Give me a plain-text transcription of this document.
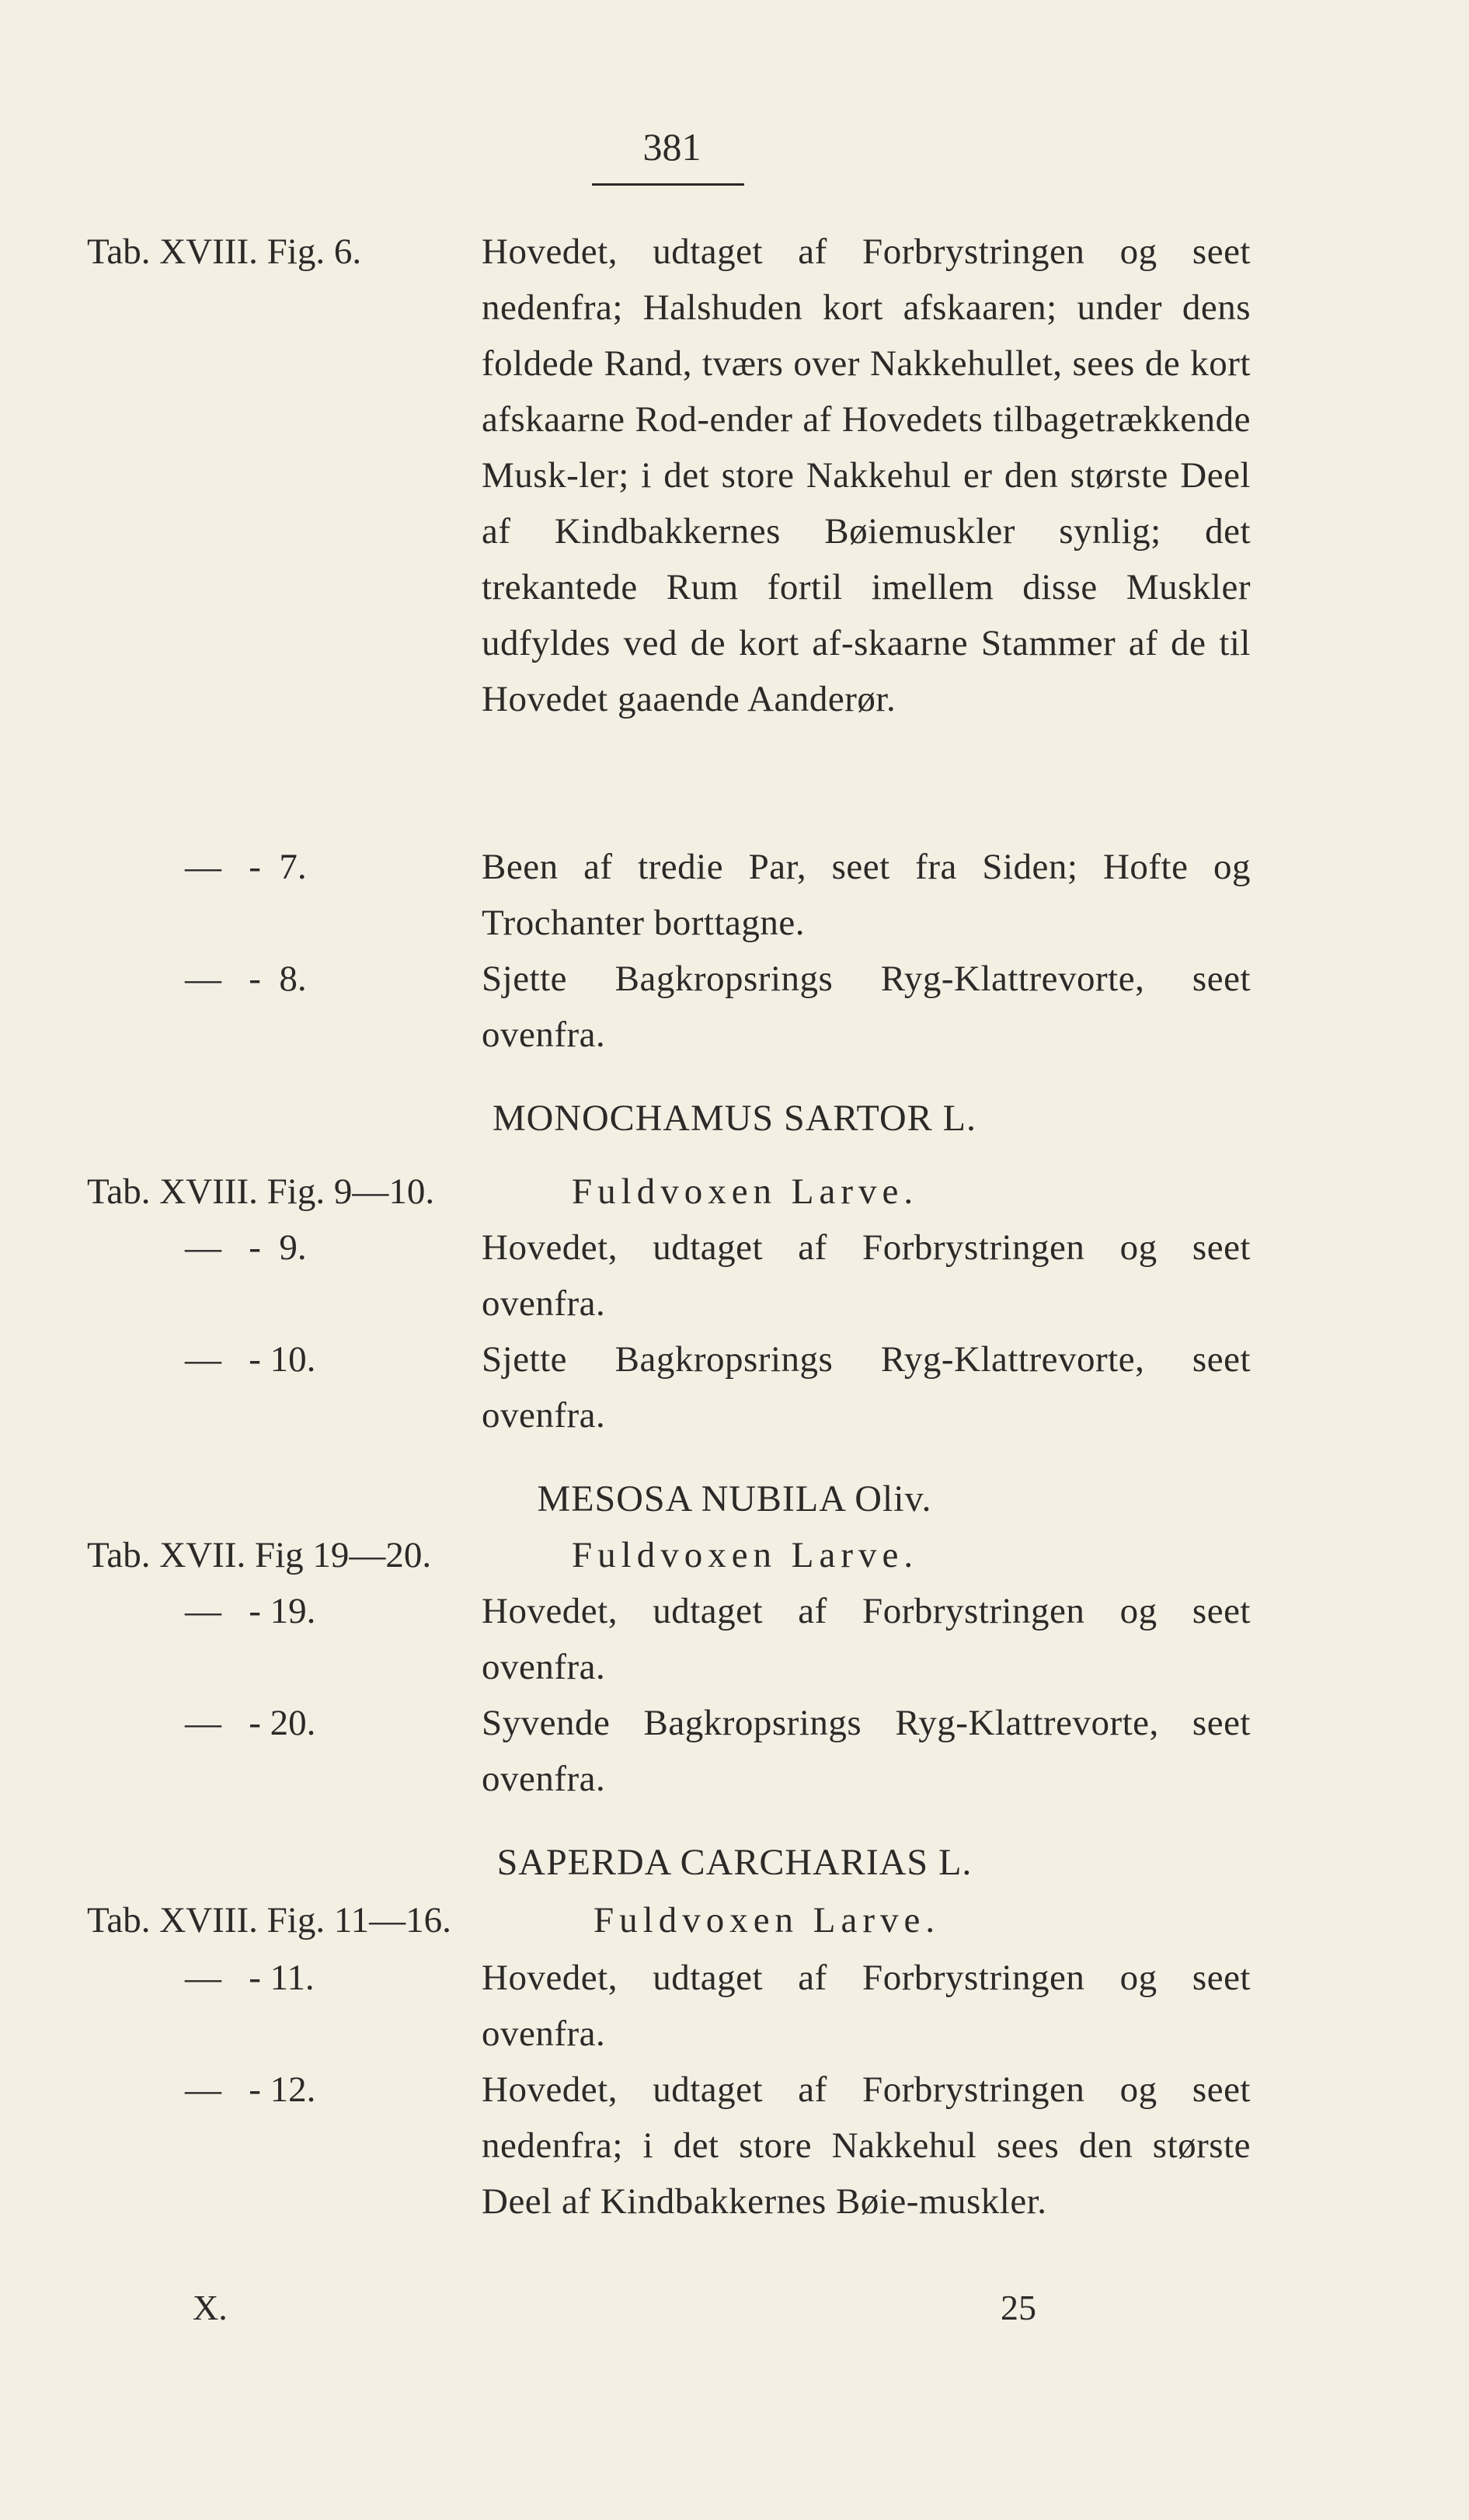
381
Tab. XVIII. Fig. 6.	Hovedet, udtaget af Forbrystringen og seet nedenfra; Halshuden kort afskaaren; under dens foldede Rand, tværs over Nakkehullet, sees de kort afskaarne Rod-ender af Hovedets tilbagetrækkende Musk-ler; i det store Nakkehul er den største Deel af Kindbakkernes Bøiemuskler synlig; det trekantede Rum fortil imellem disse Muskler udfyldes ved de kort af-skaarne Stammer af de til Hovedet gaaende Aanderør.
—   -  7.	Been af tredie Par, seet fra Siden; Hofte og Trochanter borttagne.
—   -  8.	Sjette Bagkropsrings Ryg-Klattrevorte, seet ovenfra.
MONOCHAMUS SARTOR L.
Tab. XVIII. Fig. 9—10.	Fuldvoxen Larve.
—   -  9.	Hovedet, udtaget af Forbrystringen og seet ovenfra.
—   - 10.	Sjette Bagkropsrings Ryg-Klattrevorte, seet ovenfra.
MESOSA NUBILA Oliv.
Tab. XVII. Fig 19—20.	Fuldvoxen Larve.
—   - 19.	Hovedet, udtaget af Forbrystringen og seet ovenfra.
—   - 20.	Syvende Bagkropsrings Ryg-Klattrevorte, seet ovenfra.
SAPERDA CARCHARIAS L.
Tab. XVIII. Fig. 11—16.	Fuldvoxen Larve.
—   - 11.	Hovedet, udtaget af Forbrystringen og seet ovenfra.
—   - 12.	Hovedet, udtaget af Forbrystringen og seet nedenfra; i det store Nakkehul sees den største Deel af Kindbakkernes Bøie-muskler.
X.	25
